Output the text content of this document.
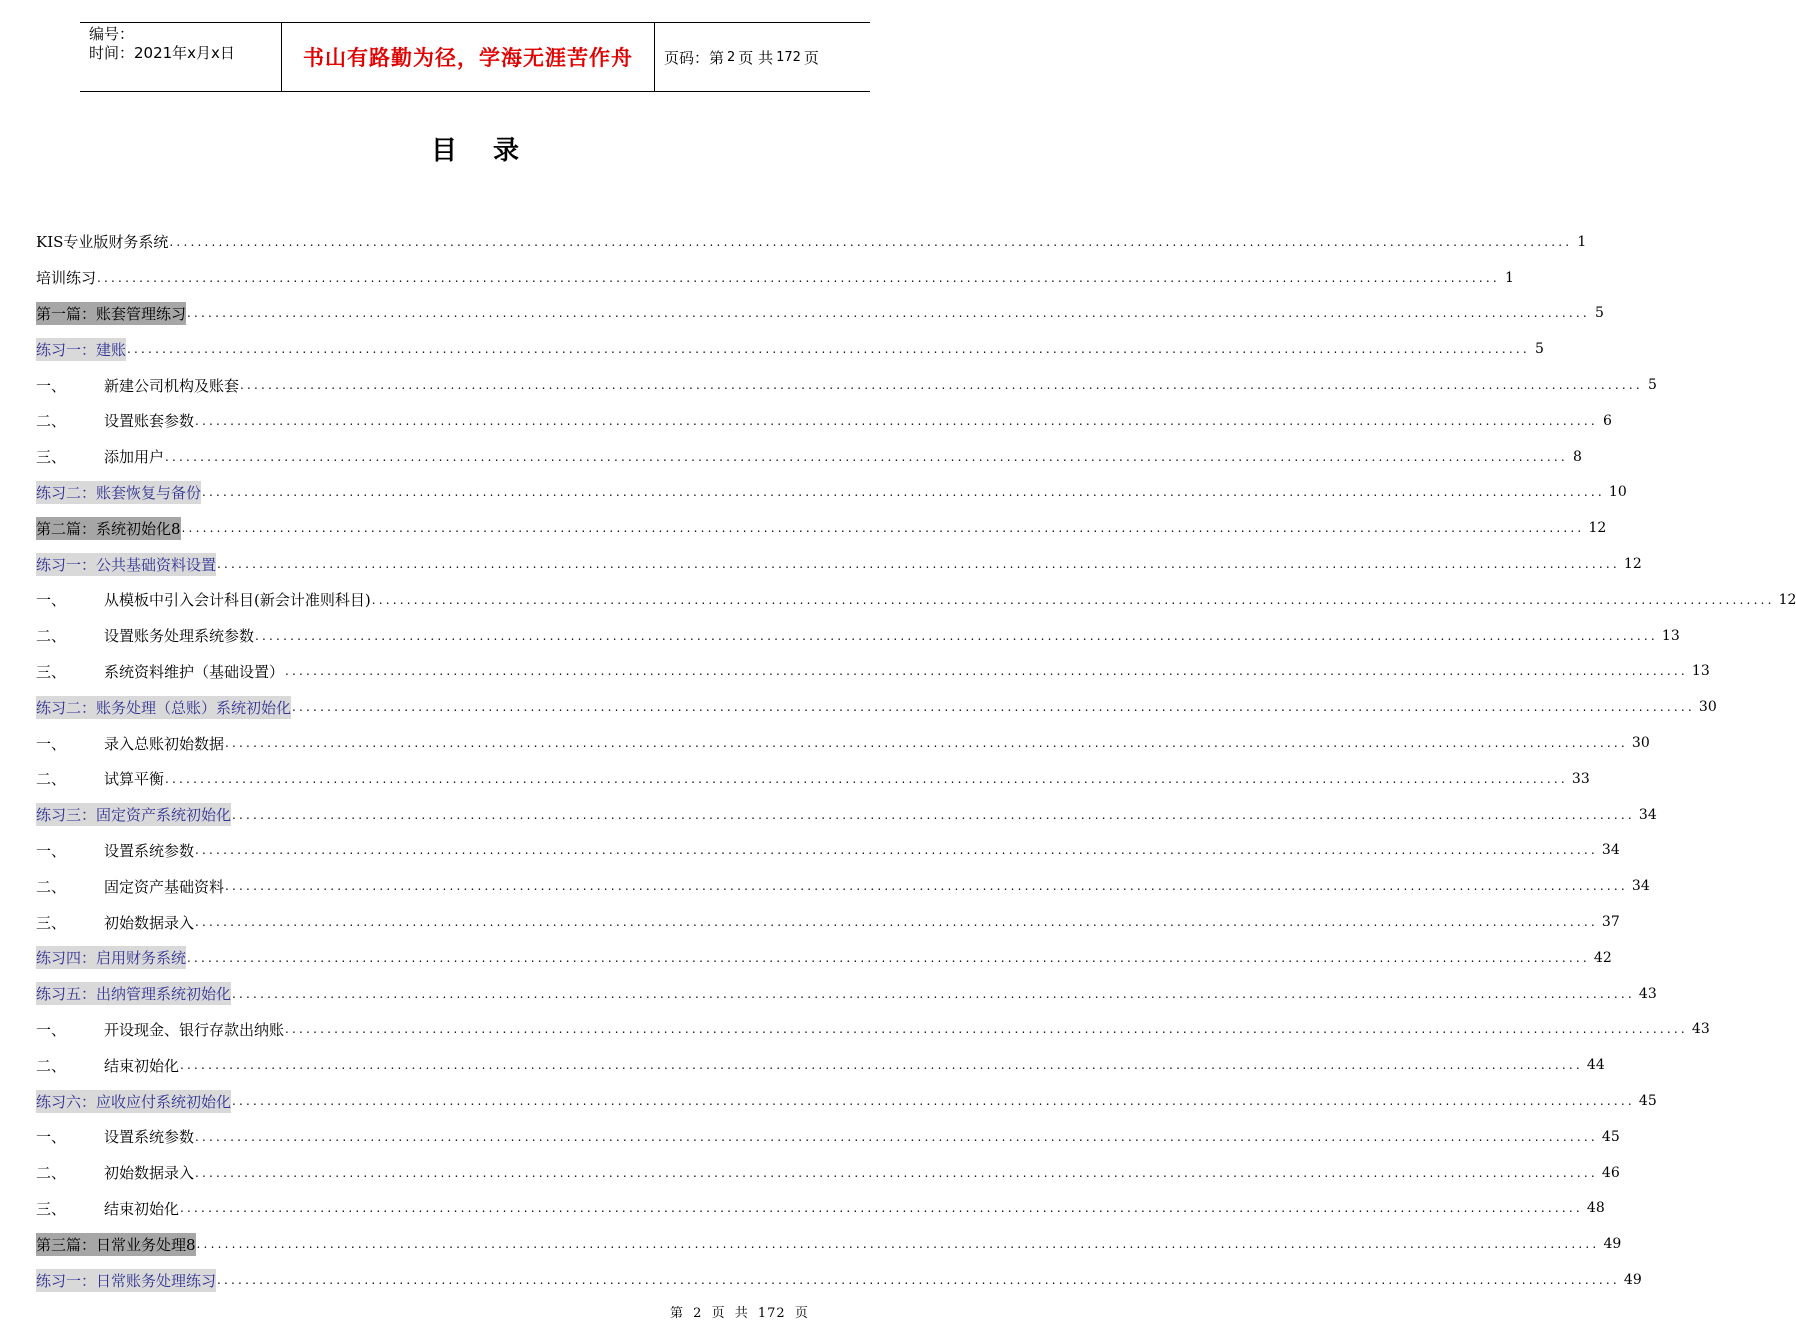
编号：
时间：2021年x月x日	书山有路勤为径，学海无涯苦作舟	页码：第 2 页 共 172 页
目录
KIS专业版财务系统 ........................................................................................................................................................................................................ 1
培训练习 ........................................................................................................................................................................................................ 1
第一篇：账套管理练习 ........................................................................................................................................................................................................ 5
练习一：建账 ........................................................................................................................................................................................................ 5
一、	新建公司机构及账套 ........................................................................................................................................................................................................ 5
二、	设置账套参数 ........................................................................................................................................................................................................ 6
三、	添加用户 ........................................................................................................................................................................................................ 8
练习二：账套恢复与备份 ........................................................................................................................................................................................................ 10
第二篇：系统初始化8 ........................................................................................................................................................................................................ 12
练习一：公共基础资料设置 ........................................................................................................................................................................................................ 12
一、	从模板中引入会计科目(新会计准则科目) ........................................................................................................................................................................................................ 12
二、	设置账务处理系统参数 ........................................................................................................................................................................................................ 13
三、	系统资料维护（基础设置） ........................................................................................................................................................................................................ 13
练习二：账务处理（总账）系统初始化 ........................................................................................................................................................................................................ 30
一、	录入总账初始数据 ........................................................................................................................................................................................................ 30
二、	试算平衡 ........................................................................................................................................................................................................ 33
练习三：固定资产系统初始化 ........................................................................................................................................................................................................ 34
一、	设置系统参数 ........................................................................................................................................................................................................ 34
二、	固定资产基础资料 ........................................................................................................................................................................................................ 34
三、	初始数据录入 ........................................................................................................................................................................................................ 37
练习四：启用财务系统 ........................................................................................................................................................................................................ 42
练习五：出纳管理系统初始化 ........................................................................................................................................................................................................ 43
一、	开设现金、银行存款出纳账 ........................................................................................................................................................................................................ 43
二、	结束初始化 ........................................................................................................................................................................................................ 44
练习六：应收应付系统初始化 ........................................................................................................................................................................................................ 45
一、	设置系统参数 ........................................................................................................................................................................................................ 45
二、	初始数据录入 ........................................................................................................................................................................................................ 46
三、	结束初始化 ........................................................................................................................................................................................................ 48
第三篇：日常业务处理8 ........................................................................................................................................................................................................ 49
练习一：日常账务处理练习 ........................................................................................................................................................................................................ 49
第 2 页 共 172 页
